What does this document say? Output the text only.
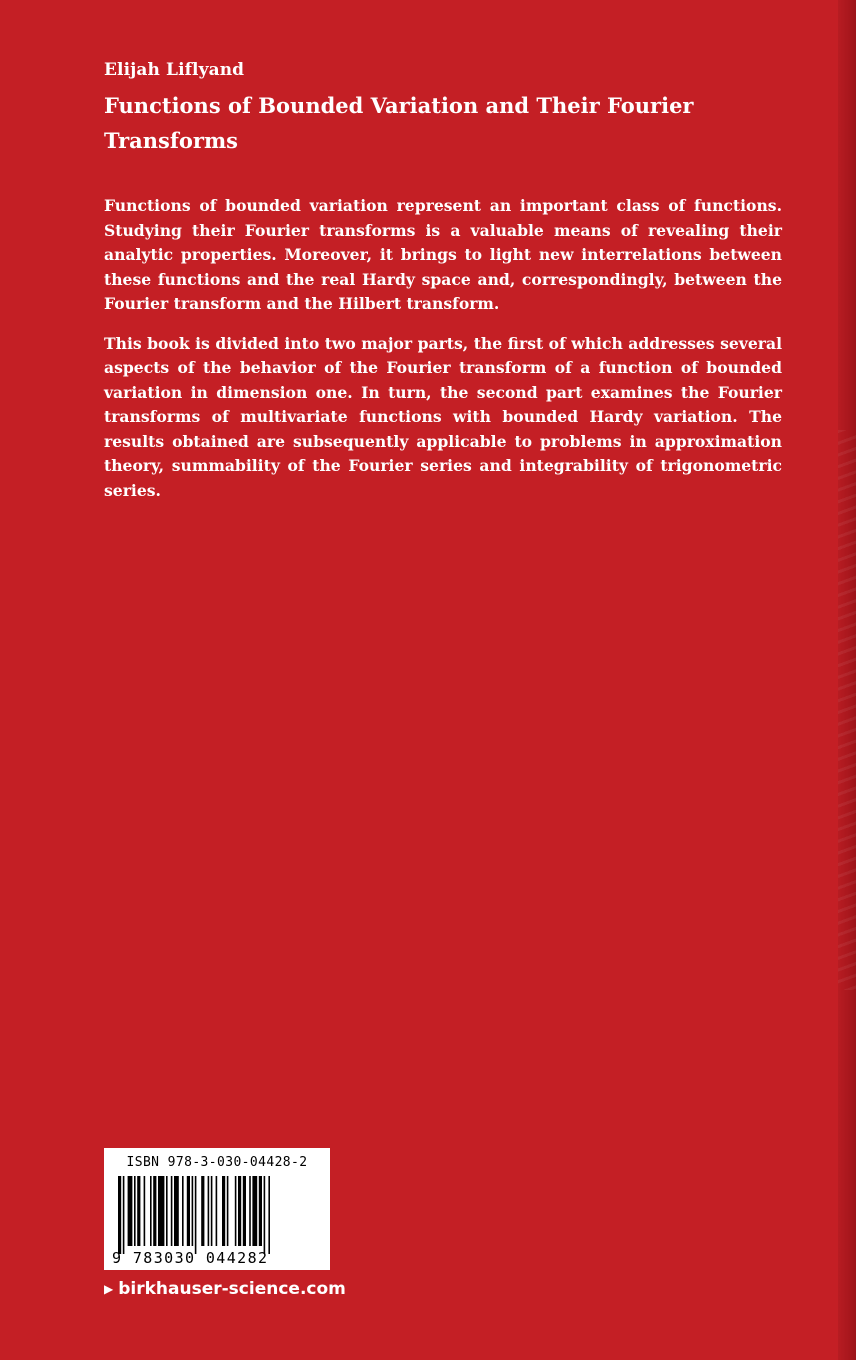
Elijah Liflyand
Functions of Bounded Variation and Their Fourier Transforms

Functions of bounded variation represent an important class of functions. Studying their Fourier transforms is a valuable means of revealing their analytic properties. Moreover, it brings to light new interrelations between these functions and the real Hardy space and, correspondingly, between the Fourier transform and the Hilbert transform.

This book is divided into two major parts, the first of which addresses several aspects of the behavior of the Fourier transform of a function of bounded variation in dimension one. In turn, the second part examines the Fourier transforms of multivariate functions with bounded Hardy variation. The results obtained are subsequently applicable to problems in approximation theory, summability of the Fourier series and integrability of trigonometric series.

ISBN 978-3-030-04428-2
9 783030 044282
▶ birkhauser-science.com
